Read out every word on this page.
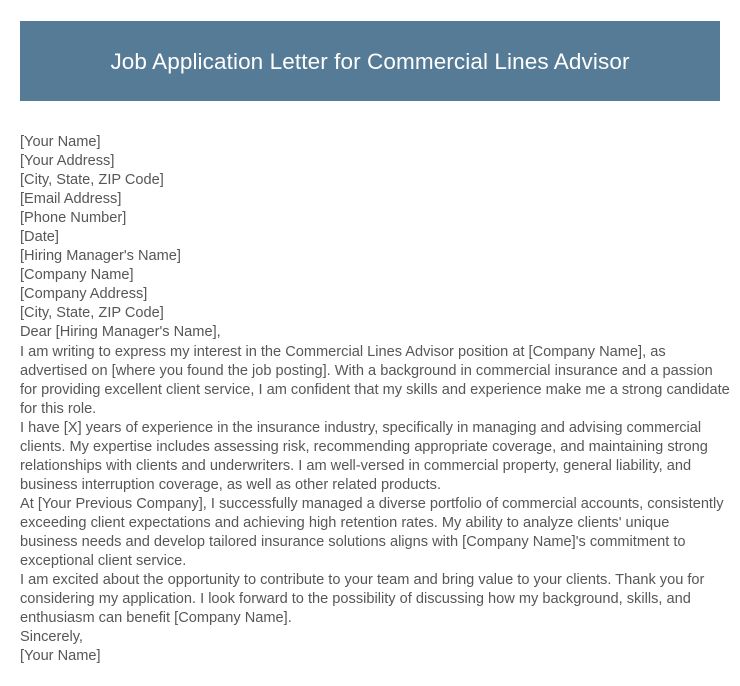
Job Application Letter for Commercial Lines Advisor
[Your Name]
[Your Address]
[City, State, ZIP Code]
[Email Address]
[Phone Number]
[Date]
[Hiring Manager's Name]
[Company Name]
[Company Address]
[City, State, ZIP Code]
Dear [Hiring Manager's Name],

I am writing to express my interest in the Commercial Lines Advisor position at [Company Name], as advertised on [where you found the job posting]. With a background in commercial insurance and a passion for providing excellent client service, I am confident that my skills and experience make me a strong candidate for this role.

I have [X] years of experience in the insurance industry, specifically in managing and advising commercial clients. My expertise includes assessing risk, recommending appropriate coverage, and maintaining strong relationships with clients and underwriters. I am well-versed in commercial property, general liability, and business interruption coverage, as well as other related products.

At [Your Previous Company], I successfully managed a diverse portfolio of commercial accounts, consistently exceeding client expectations and achieving high retention rates. My ability to analyze clients' unique business needs and develop tailored insurance solutions aligns with [Company Name]'s commitment to exceptional client service.

I am excited about the opportunity to contribute to your team and bring value to your clients. Thank you for considering my application. I look forward to the possibility of discussing how my background, skills, and enthusiasm can benefit [Company Name].

Sincerely,
[Your Name]
